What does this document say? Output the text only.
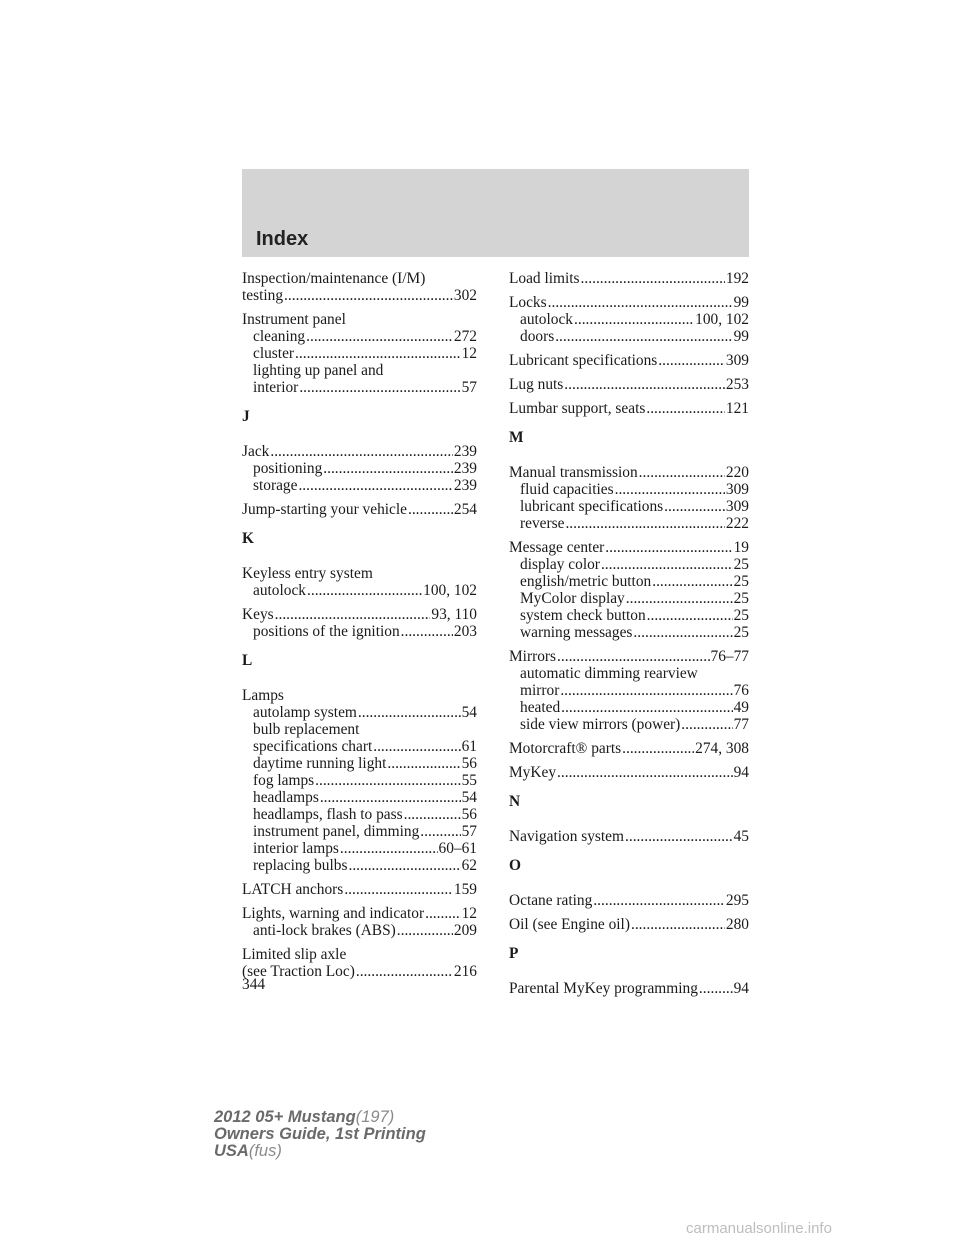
Index
Inspection/maintenance (I/M)
testing .....	302
Instrument panel
cleaning .....	272
cluster .....	12
lighting up panel and
interior .....	57
J
Jack .....	239
positioning .....	239
storage .....	239
Jump-starting your vehicle .....	254
K
Keyless entry system
autolock .....	100, 102
Keys .....	93, 110
positions of the ignition .....	203
L
Lamps
autolamp system .....	54
bulb replacement
specifications chart .....	61
daytime running light .....	56
fog lamps .....	55
headlamps .....	54
headlamps, flash to pass .....	56
instrument panel, dimming .....	57
interior lamps .....	60–61
replacing bulbs .....	62
LATCH anchors .....	159
Lights, warning and indicator ..... 12
anti-lock brakes (ABS) .....	209
Limited slip axle
(see Traction Loc) .....	216
Load limits .....	192
Locks .....	99
autolock .....	100, 102
doors .....	99
Lubricant specifications .....	309
Lug nuts .....	253
Lumbar support, seats .....	121
M
Manual transmission .....	220
fluid capacities .....	309
lubricant specifications .....	309
reverse .....	222
Message center .....	19
display color .....	25
english/metric button .....	25
MyColor display .....	25
system check button .....	25
warning messages .....	25
Mirrors .....	76–77
automatic dimming rearview
mirror .....	76
heated .....	49
side view mirrors (power) .....	77
Motorcraft® parts .....	274, 308
MyKey .....	94
N
Navigation system .....	45
O
Octane rating .....	295
Oil (see Engine oil) .....	280
P
Parental MyKey programming ..... 94
344
2012 05+ Mustang(197)
Owners Guide, 1st Printing
USA(fus)
carmanualsonline.info
